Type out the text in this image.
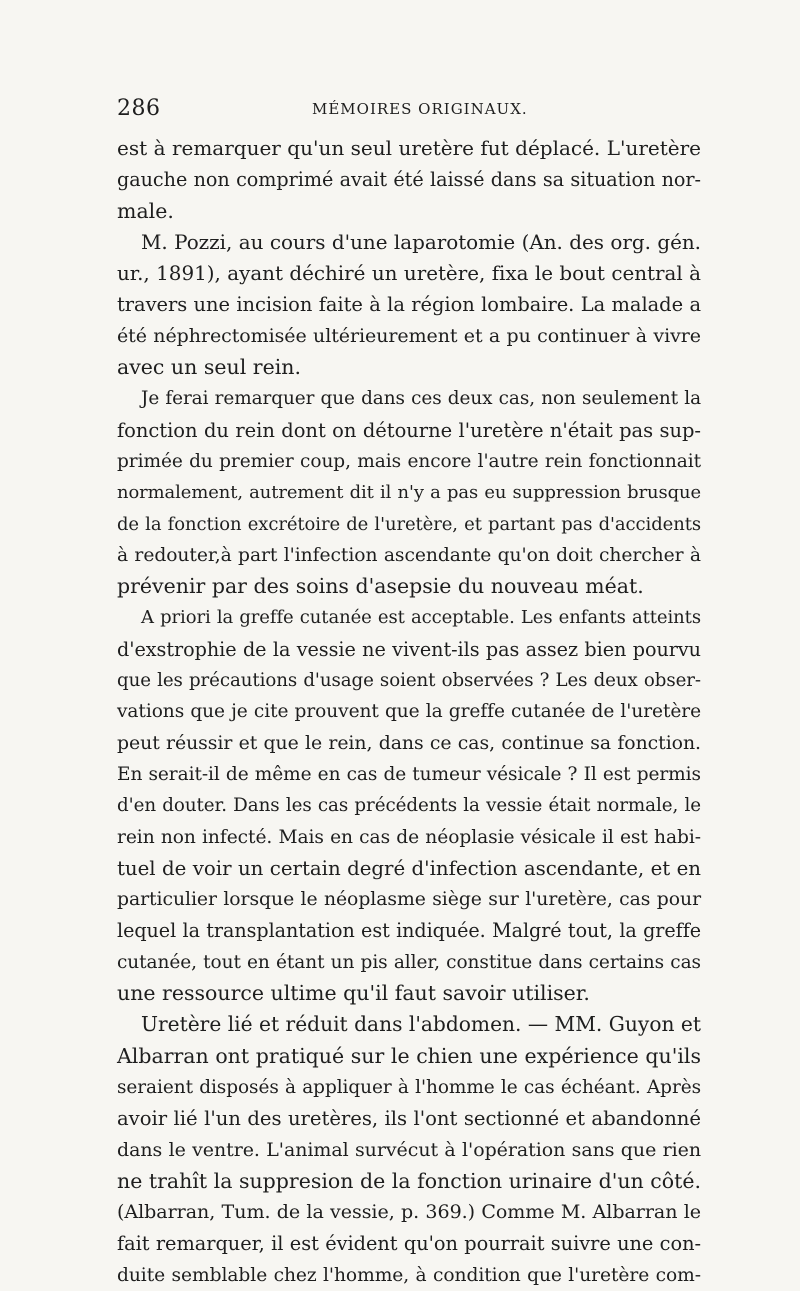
286	MÉMOIRES ORIGINAUX.
est à remarquer qu'un seul uretère fut déplacé. L'uretère
gauche non comprimé avait été laissé dans sa situation nor-
male.
M. Pozzi, au cours d'une laparotomie (An. des org. gén.
ur., 1891), ayant déchiré un uretère, fixa le bout central à
travers une incision faite à la région lombaire. La malade a
été néphrectomisée ultérieurement et a pu continuer à vivre
avec un seul rein.
Je ferai remarquer que dans ces deux cas, non seulement la
fonction du rein dont on détourne l'uretère n'était pas sup-
primée du premier coup, mais encore l'autre rein fonctionnait
normalement, autrement dit il n'y a pas eu suppression brusque
de la fonction excrétoire de l'uretère, et partant pas d'accidents
à redouter,à part l'infection ascendante qu'on doit chercher à
prévenir par des soins d'asepsie du nouveau méat.
A priori la greffe cutanée est acceptable. Les enfants atteints
d'exstrophie de la vessie ne vivent-ils pas assez bien pourvu
que les précautions d'usage soient observées ? Les deux obser-
vations que je cite prouvent que la greffe cutanée de l'uretère
peut réussir et que le rein, dans ce cas, continue sa fonction.
En serait-il de même en cas de tumeur vésicale ? Il est permis
d'en douter. Dans les cas précédents la vessie était normale, le
rein non infecté. Mais en cas de néoplasie vésicale il est habi-
tuel de voir un certain degré d'infection ascendante, et en
particulier lorsque le néoplasme siège sur l'uretère, cas pour
lequel la transplantation est indiquée. Malgré tout, la greffe
cutanée, tout en étant un pis aller, constitue dans certains cas
une ressource ultime qu'il faut savoir utiliser.
Uretère lié et réduit dans l'abdomen. — MM. Guyon et
Albarran ont pratiqué sur le chien une expérience qu'ils
seraient disposés à appliquer à l'homme le cas échéant. Après
avoir lié l'un des uretères, ils l'ont sectionné et abandonné
dans le ventre. L'animal survécut à l'opération sans que rien
ne trahît la suppresion de la fonction urinaire d'un côté.
(Albarran, Tum. de la vessie, p. 369.) Comme M. Albarran le
fait remarquer, il est évident qu'on pourrait suivre une con-
duite semblable chez l'homme, à condition que l'uretère com-
